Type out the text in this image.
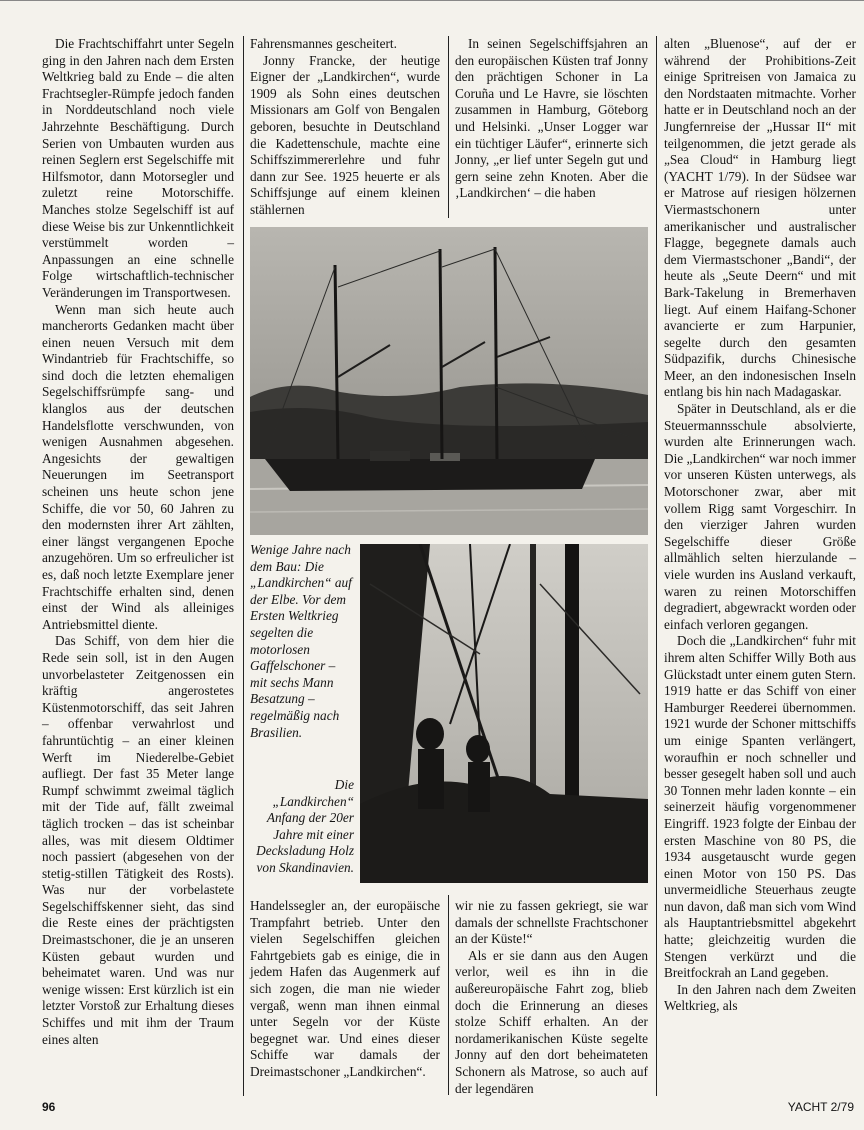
Die Frachtschiffahrt unter Segeln ging in den Jahren nach dem Ersten Weltkrieg bald zu Ende – die alten Frachtsegler-Rümpfe jedoch fanden in Norddeutschland noch viele Jahrzehnte Beschäftigung. Durch Serien von Umbauten wurden aus reinen Seglern erst Segelschiffe mit Hilfsmotor, dann Motorsegler und zuletzt reine Motorschiffe. Manches stolze Segelschiff ist auf diese Weise bis zur Unkenntlichkeit verstümmelt worden – Anpassungen an eine schnelle Folge wirtschaftlich-technischer Veränderungen im Transportwesen.

Wenn man sich heute auch mancherorts Gedanken macht über einen neuen Versuch mit dem Windantrieb für Frachtschiffe, so sind doch die letzten ehemaligen Segelschiffsrümpfe sang- und klanglos aus der deutschen Handelsflotte verschwunden, von wenigen Ausnahmen abgesehen. Angesichts der gewaltigen Neuerungen im Seetransport scheinen uns heute schon jene Schiffe, die vor 50, 60 Jahren zu den modernsten ihrer Art zählten, einer längst vergangenen Epoche anzugehören. Um so erfreulicher ist es, daß noch letzte Exemplare jener Frachtschiffe erhalten sind, denen einst der Wind als alleiniges Antriebsmittel diente.

Das Schiff, von dem hier die Rede sein soll, ist in den Augen unvorbelasteter Zeitgenossen ein kräftig angerostetes Küstenmotorschiff, das seit Jahren – offenbar verwahrlost und fahruntüchtig – an einer kleinen Werft im Niederelbe-Gebiet aufliegt. Der fast 35 Meter lange Rumpf schwimmt zweimal täglich mit der Tide auf, fällt zweimal täglich trocken – das ist scheinbar alles, was mit diesem Oldtimer noch passiert (abgesehen von der stetig-stillen Tätigkeit des Rosts). Was nur der vorbelastete Segelschiffskenner sieht, das sind die Reste eines der prächtigsten Dreimastschoner, die je an unseren Küsten gebaut wurden und beheimatet waren. Und was nur wenige wissen: Erst kürzlich ist ein letzter Vorstoß zur Erhaltung dieses Schiffes und mit ihm der Traum eines alten

Fahrensmannes gescheitert.

Jonny Francke, der heutige Eigner der „Landkirchen“, wurde 1909 als Sohn eines deutschen Missionars am Golf von Bengalen geboren, besuchte in Deutschland die Kadettenschule, machte eine Schiffszimmererlehre und fuhr dann zur See. 1925 heuerte er als Schiffsjunge auf einem kleinen stählernen

In seinen Segelschiffsjahren an den europäischen Küsten traf Jonny den prächtigen Schoner in La Coruña und Le Havre, sie löschten zusammen in Hamburg, Göteborg und Helsinki. „Unser Logger war ein tüchtiger Läufer“, erinnerte sich Jonny, „er lief unter Segeln gut und gern seine zehn Knoten. Aber die ‚Landkirchen‘ – die haben

Wenige Jahre nach dem Bau: Die „Landkirchen“ auf der Elbe. Vor dem Ersten Weltkrieg segelten die motorlosen Gaffelschoner – mit sechs Mann Besatzung – regelmäßig nach Brasilien.
Die „Landkirchen“ Anfang der 20er Jahre mit einer Decksladung Holz von Skandinavien.

Handelssegler an, der europäische Trampfahrt betrieb. Unter den vielen Segelschiffen gleichen Fahrtgebiets gab es einige, die in jedem Hafen das Augenmerk auf sich zogen, die man nie wieder vergaß, wenn man ihnen einmal unter Segeln vor der Küste begegnet war. Und eines dieser Schiffe war damals der Dreimastschoner „Landkirchen“.

wir nie zu fassen gekriegt, sie war damals der schnellste Frachtschoner an der Küste!“

Als er sie dann aus den Augen verlor, weil es ihn in die außereuropäische Fahrt zog, blieb doch die Erinnerung an dieses stolze Schiff erhalten. An der nordamerikanischen Küste segelte Jonny auf den dort beheimateten Schonern als Matrose, so auch auf der legendären

alten „Bluenose“, auf der er während der Prohibitions-Zeit einige Spritreisen von Jamaica zu den Nordstaaten mitmachte. Vorher hatte er in Deutschland noch an der Jungfernreise der „Hussar II“ mit teilgenommen, die jetzt gerade als „Sea Cloud“ in Hamburg liegt (YACHT 1/79). In der Südsee war er Matrose auf riesigen hölzernen Viermastschonern unter amerikanischer und australischer Flagge, begegnete damals auch dem Viermastschoner „Bandi“, der heute als „Seute Deern“ und mit Bark-Takelung in Bremerhaven liegt. Auf einem Haifang-Schoner avancierte er zum Harpunier, segelte durch den gesamten Südpazifik, durchs Chinesische Meer, an den indonesischen Inseln entlang bis hin nach Madagaskar.

Später in Deutschland, als er die Steuermannsschule absolvierte, wurden alte Erinnerungen wach. Die „Landkirchen“ war noch immer vor unseren Küsten unterwegs, als Motorschoner zwar, aber mit vollem Rigg samt Vorgeschirr. In den vierziger Jahren wurden Segelschiffe dieser Größe allmählich selten hierzulande – viele wurden ins Ausland verkauft, waren zu reinen Motorschiffen degradiert, abgewrackt worden oder einfach verloren gegangen.

Doch die „Landkirchen“ fuhr mit ihrem alten Schiffer Willy Both aus Glückstadt unter einem guten Stern. 1919 hatte er das Schiff von einer Hamburger Reederei übernommen. 1921 wurde der Schoner mittschiffs um einige Spanten verlängert, woraufhin er noch schneller und besser gesegelt haben soll und auch 30 Tonnen mehr laden konnte – ein seinerzeit häufig vorgenommener Eingriff. 1923 folgte der Einbau der ersten Maschine von 80 PS, die 1934 ausgetauscht wurde gegen einen Motor von 150 PS. Das unvermeidliche Steuerhaus zeugte nun davon, daß man sich vom Wind als Hauptantriebsmittel abgekehrt hatte; gleichzeitig wurden die Stengen verkürzt und die Breitfockrah an Land gegeben.

In den Jahren nach dem Zweiten Weltkrieg, als

96	YACHT 2/79
